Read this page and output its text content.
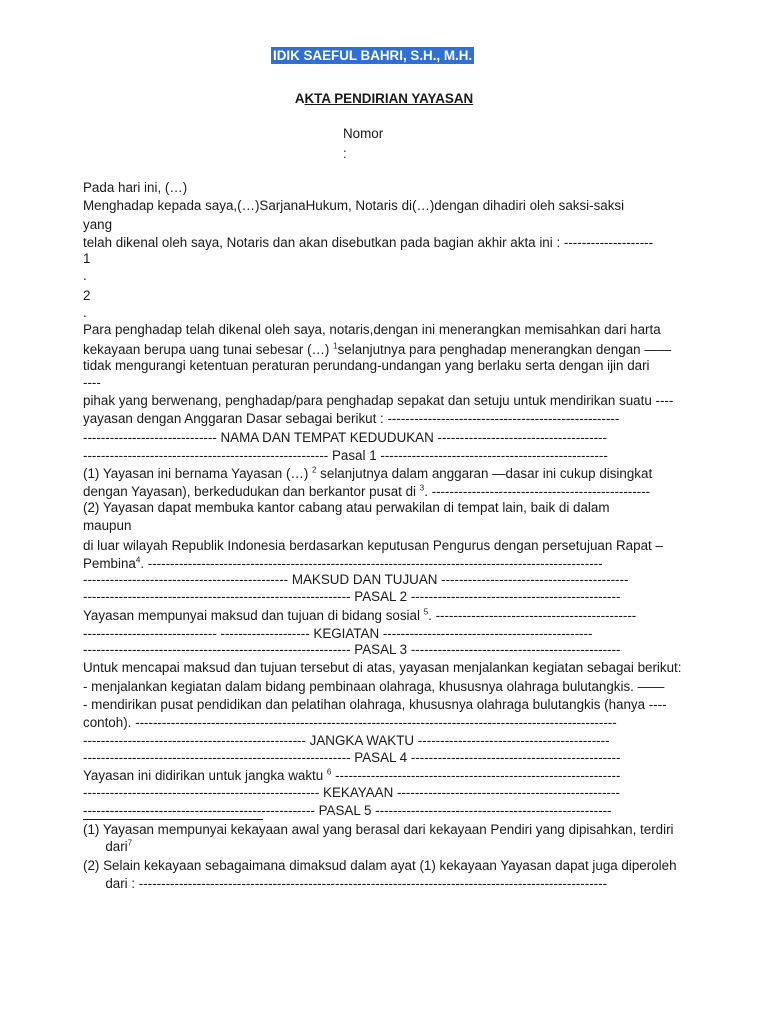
IDIK SAEFUL BAHRI, S.H., M.H.
AKTA PENDIRIAN YAYASAN
Nomor
:
Pada hari ini, (…)
Menghadap kepada saya,(…)SarjanaHukum, Notaris di(…)dengan dihadiri oleh saksi-saksi
yang
telah dikenal oleh saya, Notaris dan akan disebutkan pada bagian akhir akta ini : --------------------
1
.
2
.
Para penghadap telah dikenal oleh saya, notaris,dengan ini menerangkan memisahkan dari harta
kekayaan berupa uang tunai sebesar (…) $^1$selanjutnya para penghadap menerangkan dengan ——
tidak mengurangi ketentuan peraturan perundang-undangan yang berlaku serta dengan ijin dari
----
pihak yang berwenang, penghadap/para penghadap sepakat dan setuju untuk mendirikan suatu ----
yayasan dengan Anggaran Dasar sebagai berikut : ----------------------------------------------------
------------------------------ NAMA DAN TEMPAT KEDUDUKAN --------------------------------------
------------------------------------------------------- Pasal 1 ---------------------------------------------------
(1) Yayasan ini bernama Yayasan (…) $^2$ selanjutnya dalam anggaran —dasar ini cukup disingkat
dengan Yayasan), berkedudukan dan berkantor pusat di $^3$. -------------------------------------------------
(2) Yayasan dapat membuka kantor cabang atau perwakilan di tempat lain, baik di dalam
maupun
di luar wilayah Republik Indonesia berdasarkan keputusan Pengurus dengan persetujuan Rapat –
Pembina$^4$. ------------------------------------------------------------------------------------------------------
---------------------------------------------- MAKSUD DAN TUJUAN ------------------------------------------
------------------------------------------------------------ PASAL 2 -----------------------------------------------
Yayasan mempunyai maksud dan tujuan di bidang sosial $^5$. ---------------------------------------------
------------------------------ -------------------- KEGIATAN -----------------------------------------------
------------------------------------------------------------ PASAL 3 -----------------------------------------------
Untuk mencapai maksud dan tujuan tersebut di atas, yayasan menjalankan kegiatan sebagai berikut:
- menjalankan kegiatan dalam bidang pembinaan olahraga, khususnya olahraga bulutangkis. ——
- mendirikan pusat pendidikan dan pelatihan olahraga, khususnya olahraga bulutangkis (hanya ----
contoh). ------------------------------------------------------------------------------------------------------------
-------------------------------------------------- JANGKA WAKTU -------------------------------------------
------------------------------------------------------------ PASAL 4 -----------------------------------------------
Yayasan ini didirikan untuk jangka waktu $^6$ ----------------------------------------------------------------
----------------------------------------------------- KEKAYAAN --------------------------------------------------
---------------------------------------------------- PASAL 5 -----------------------------------------------------
(1) Yayasan mempunyai kekayaan awal yang berasal dari kekayaan Pendiri yang dipisahkan, terdiri
dari$^7$
(2) Selain kekayaan sebagaimana dimaksud dalam ayat (1) kekayaan Yayasan dapat juga diperoleh
dari : ---------------------------------------------------------------------------------------------------------
